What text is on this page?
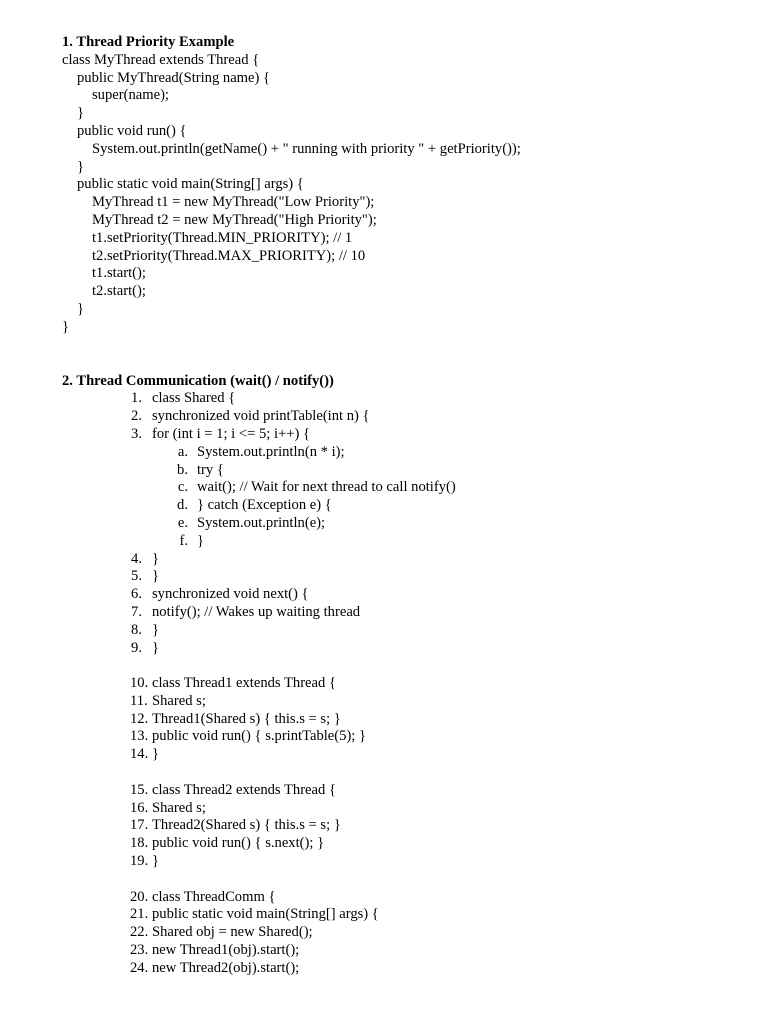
1. Thread Priority Example
class MyThread extends Thread {
public MyThread(String name) {
super(name);
}
public void run() {
System.out.println(getName() + " running with priority " + getPriority());
}
public static void main(String[] args) {
MyThread t1 = new MyThread("Low Priority");
MyThread t2 = new MyThread("High Priority");
t1.setPriority(Thread.MIN_PRIORITY); // 1
t2.setPriority(Thread.MAX_PRIORITY); // 10
t1.start();
t2.start();
}
}
2. Thread Communication (wait() / notify())
1. class Shared {
2. synchronized void printTable(int n) {
3. for (int i = 1; i <= 5; i++) {
a. System.out.println(n * i);
b. try {
c. wait(); // Wait for next thread to call notify()
d. } catch (Exception e) {
e. System.out.println(e);
f. }
4. }
5. }
6. synchronized void next() {
7. notify(); // Wakes up waiting thread
8. }
9. }
10. class Thread1 extends Thread {
11. Shared s;
12. Thread1(Shared s) { this.s = s; }
13. public void run() { s.printTable(5); }
14. }
15. class Thread2 extends Thread {
16. Shared s;
17. Thread2(Shared s) { this.s = s; }
18. public void run() { s.next(); }
19. }
20. class ThreadComm {
21. public static void main(String[] args) {
22. Shared obj = new Shared();
23. new Thread1(obj).start();
24. new Thread2(obj).start();
